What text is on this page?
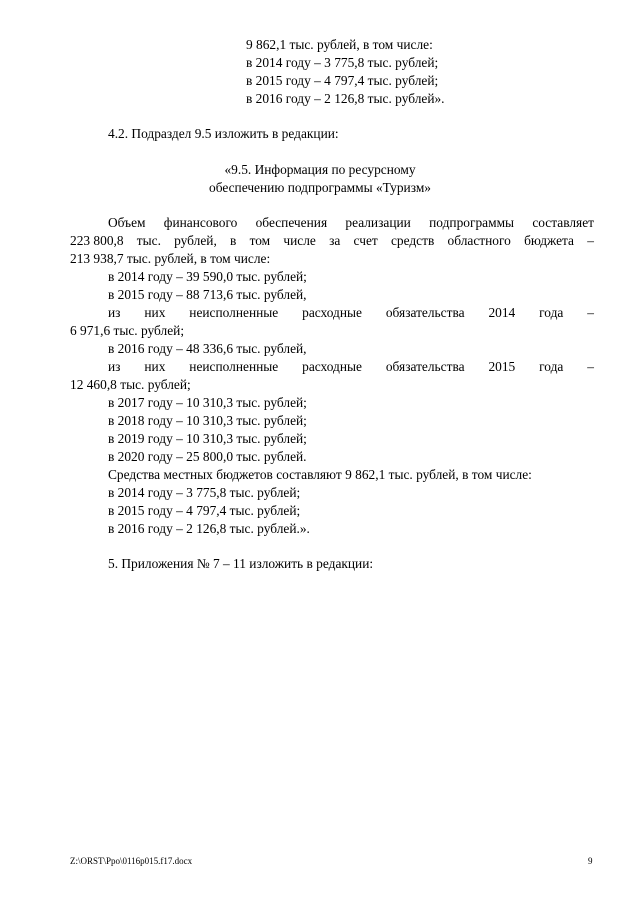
9 862,1 тыс. рублей, в том числе:
в 2014 году – 3 775,8 тыс. рублей;
в 2015 году – 4 797,4 тыс. рублей;
в 2016 году – 2 126,8 тыс. рублей».
4.2. Подраздел 9.5 изложить в редакции:
«9.5. Информация по ресурсному
обеспечению подпрограммы «Туризм»
Объем финансового обеспечения реализации подпрограммы составляет
223 800,8 тыс. рублей, в том числе за счет средств областного бюджета –
213 938,7 тыс. рублей, в том числе:
в 2014 году – 39 590,0 тыс. рублей;
в 2015 году – 88 713,6 тыс. рублей,
из них неисполненные расходные обязательства 2014 года –
6 971,6 тыс. рублей;
в 2016 году – 48 336,6 тыс. рублей,
из них неисполненные расходные обязательства 2015 года –
12 460,8 тыс. рублей;
в 2017 году – 10 310,3 тыс. рублей;
в 2018 году – 10 310,3 тыс. рублей;
в 2019 году – 10 310,3 тыс. рублей;
в 2020 году – 25 800,0 тыс. рублей.
Средства местных бюджетов составляют 9 862,1 тыс. рублей, в том числе:
в 2014 году – 3 775,8 тыс. рублей;
в 2015 году – 4 797,4 тыс. рублей;
в 2016 году – 2 126,8 тыс. рублей.».
5. Приложения № 7 – 11 изложить в редакции:
Z:\ORST\Ppo\0116p015.f17.docx	9
